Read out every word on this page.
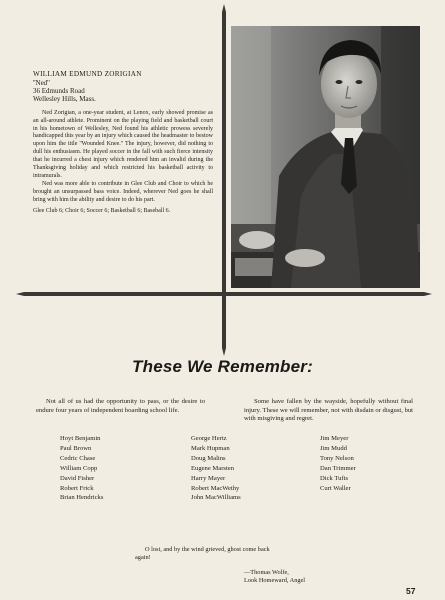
WILLIAM EDMUND ZORIGIAN
''Ned''
36 Edmunds Road
Wellesley Hills, Mass.

Ned Zorigian, a one-year student, at Lenox, early showed promise as an all-around athlete. Prominent on the playing field and basketball court in his hometown of Wellesley, Ned found his athletic prowess severely handicapped this year by an injury which caused the headmaster to bestow upon him the title ''Wounded Knee.'' The injury, however, did nothing to dull his enthusiasm. He played soccer in the fall with such fierce intensity that he incurred a chest injury which rendered him an invalid during the Thanksgiving holiday and which restricted his basketball activity to intramurals.

Ned was more able to contribute in Glee Club and Choir to which he brought an unsurpassed bass voice. Indeed, wherever Ned goes he shall bring with him the ability and desire to do his part.

Glee Club 6; Choir 6; Soccer 6; Basketball 6; Baseball 6.

These We Remember:
Not all of us had the opportunity to pass, or the desire to endure four years of independent boarding school life.
Some have fallen by the wayside, hopefully without final injury. These we will remember, not with disdain or disgust, but with misgiving and regret.
Hoyt Benjamin
Paul Brown
Cedric Chase
William Copp
David Fisher
Robert Frick
Brian Hendricks
George Hertz
Mark Hupman
Doug Malins
Eugene Marsten
Harry Mayer
Robert MacWethy
John MacWilliams
Jim Meyer
Jim Mudd
Tony Nelson
Dan Trimmer
Dick Tufts
Curt Waller
O lost, and by the wind grieved, ghost come back
again!
—Thomas Wolfe,
Look Homeward, Angel
57
